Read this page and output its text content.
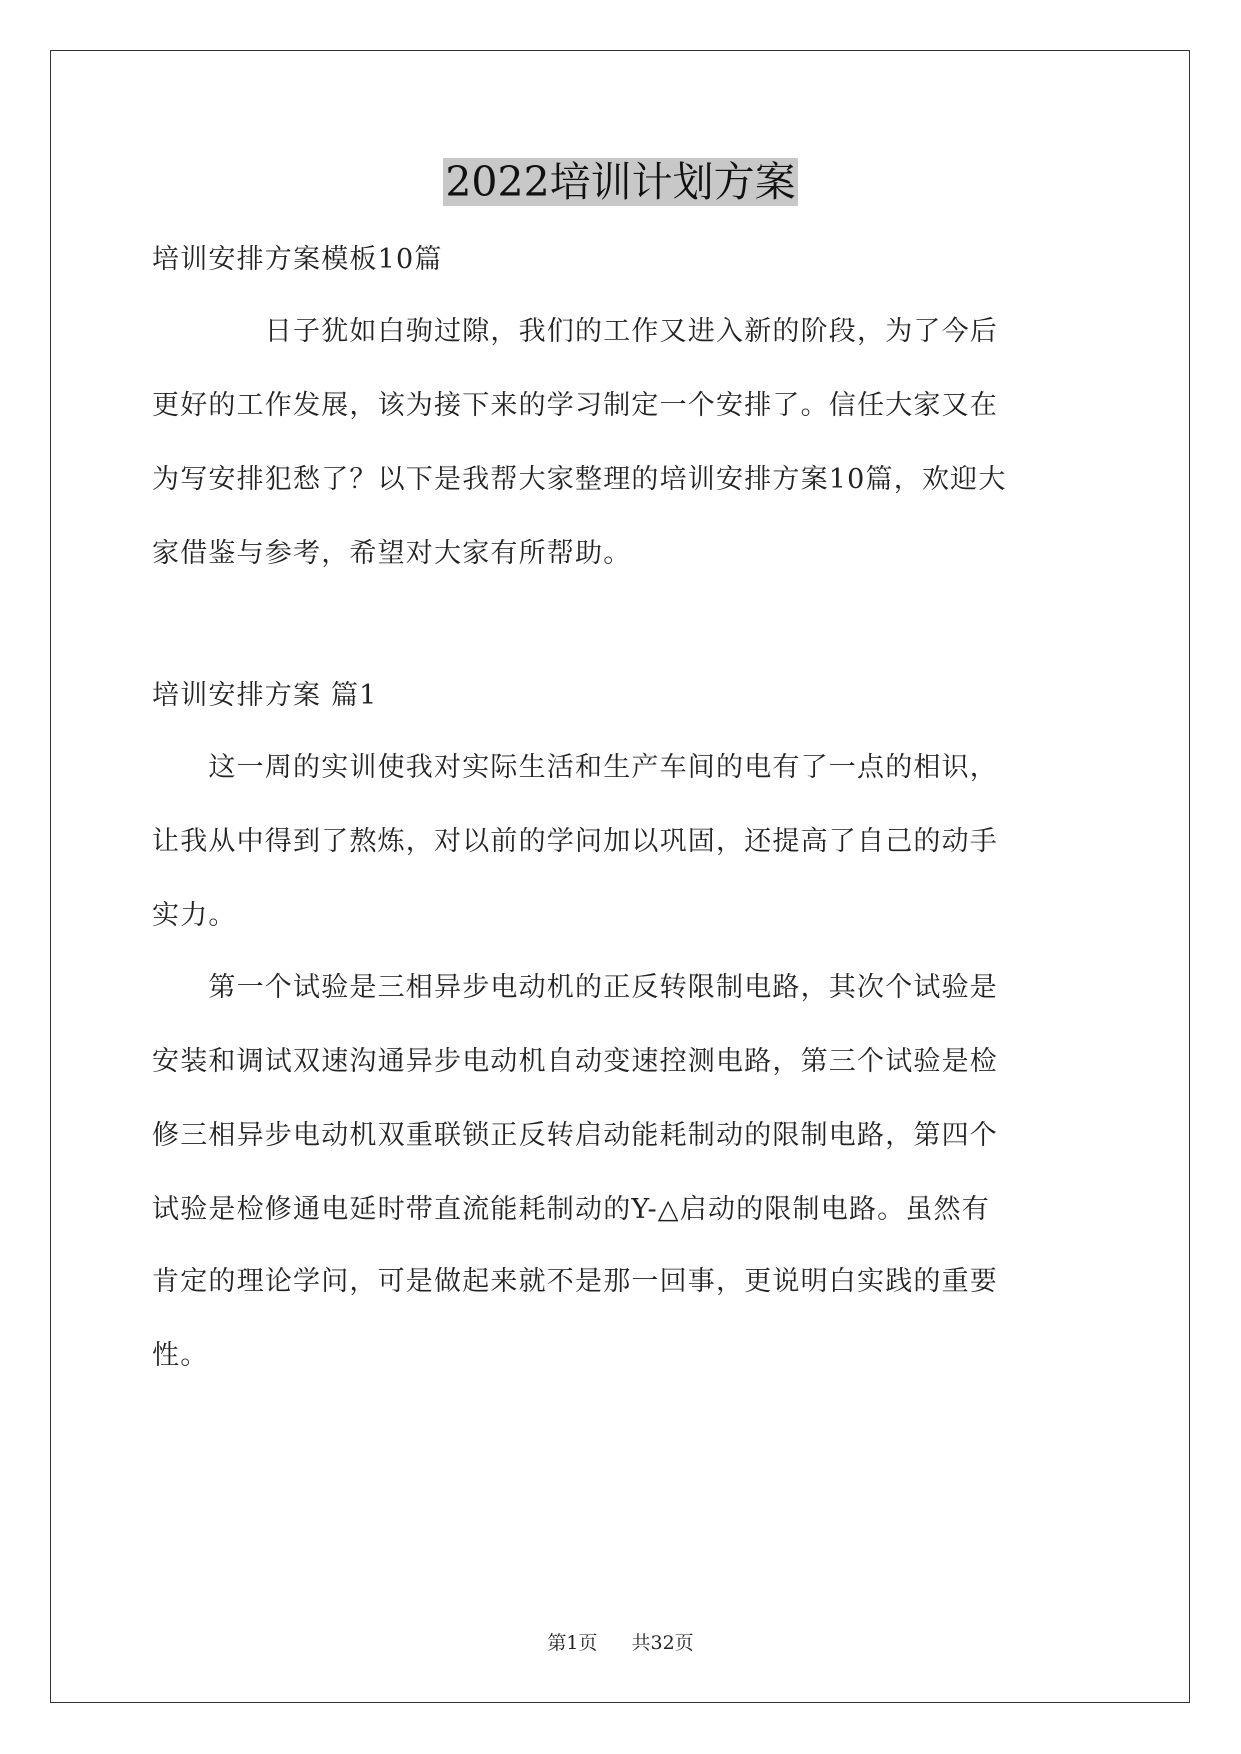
2022培训计划方案
培训安排方案模板10篇
　　　　日子犹如白驹过隙，我们的工作又进入新的阶段，为了今后
更好的工作发展，该为接下来的学习制定一个安排了。信任大家又在
为写安排犯愁了？以下是我帮大家整理的培训安排方案10篇，欢迎大
家借鉴与参考，希望对大家有所帮助。
培训安排方案 篇1
　　这一周的实训使我对实际生活和生产车间的电有了一点的相识，
让我从中得到了熬炼，对以前的学问加以巩固，还提高了自己的动手
实力。
　　第一个试验是三相异步电动机的正反转限制电路，其次个试验是
安装和调试双速沟通异步电动机自动变速控测电路，第三个试验是检
修三相异步电动机双重联锁正反转启动能耗制动的限制电路，第四个
试验是检修通电延时带直流能耗制动的Y-△启动的限制电路。虽然有
肯定的理论学问，可是做起来就不是那一回事，更说明白实践的重要
性。
第1页 共32页
